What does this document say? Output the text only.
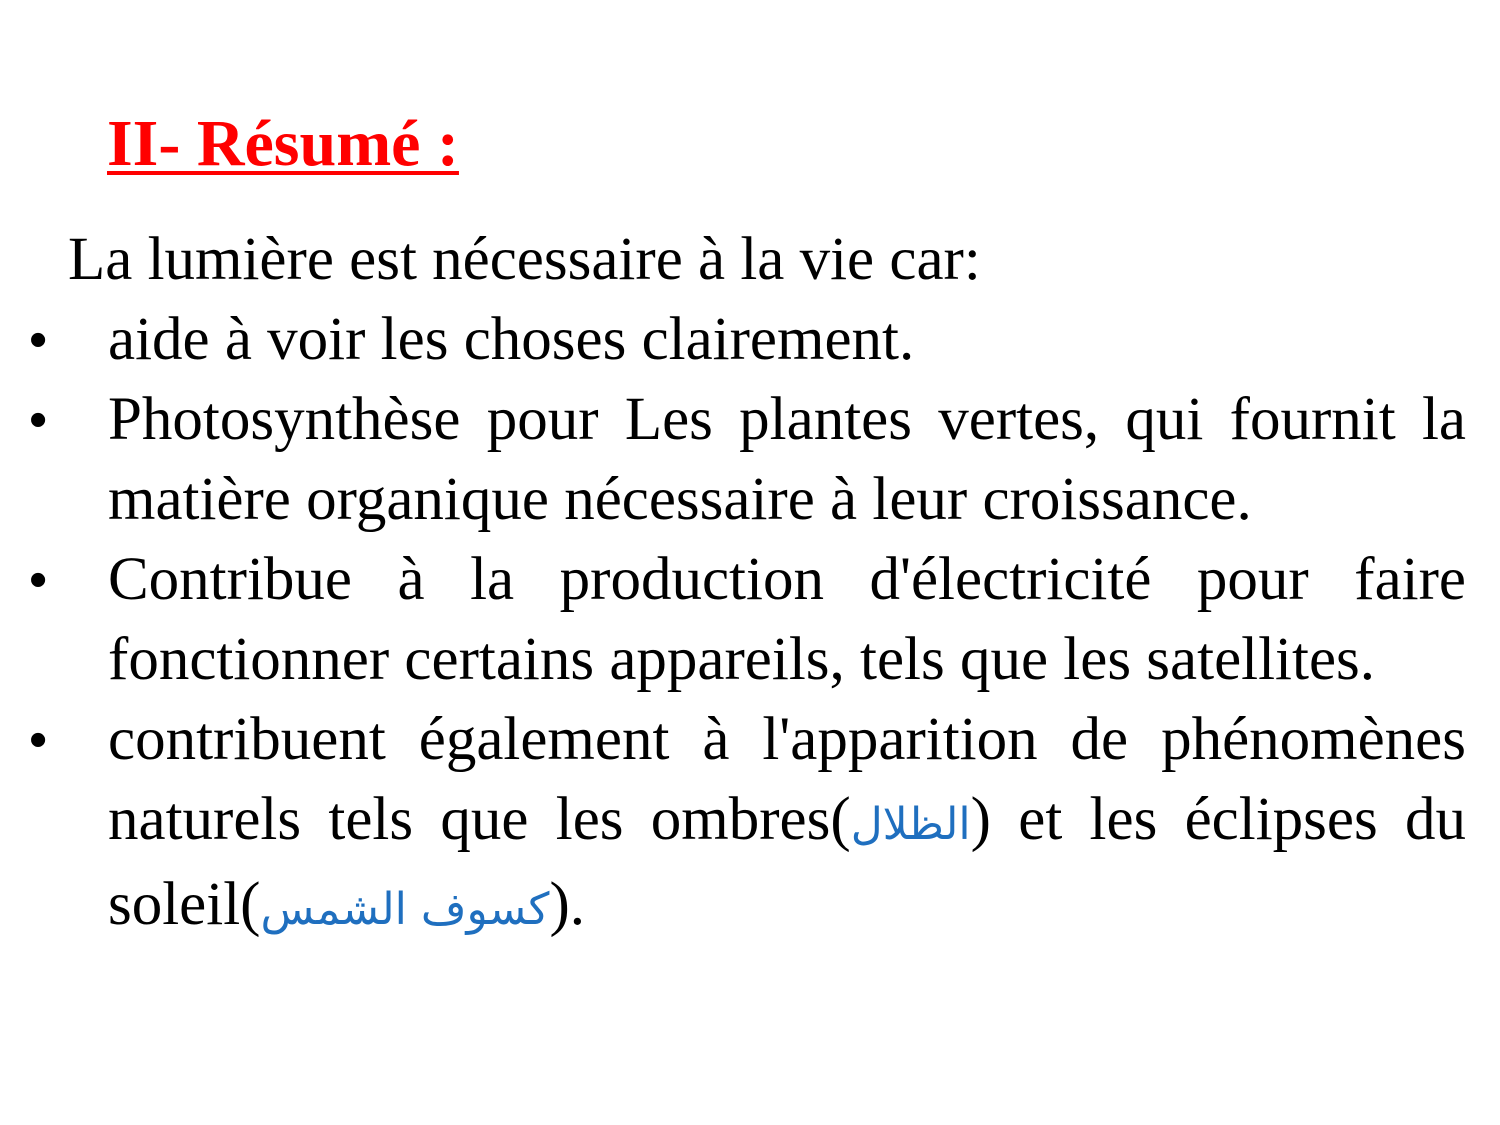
II- Résumé :

La lumière est nécessaire à la vie car:

• aide à voir les choses clairement.
• Photosynthèse pour Les plantes vertes, qui fournit la matière organique nécessaire à leur croissance.
• Contribue à la production d'électricité pour faire fonctionner certains appareils, tels que les satellites.
• contribuent également à l'apparition de phénomènes naturels tels que les ombres(الظلال) et les éclipses du soleil(كسوف الشمس).
